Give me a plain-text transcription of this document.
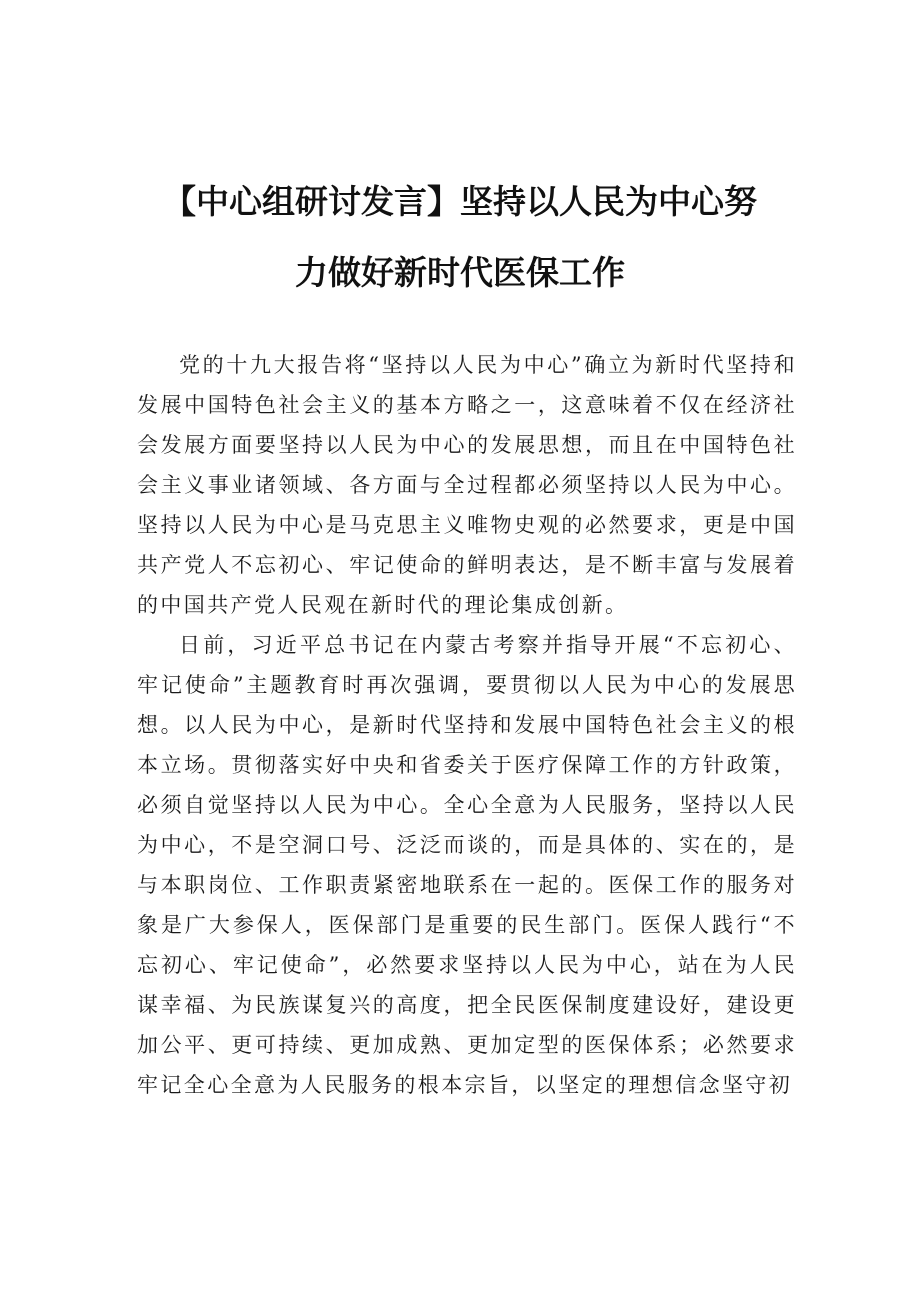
【中心组研讨发言】坚持以人民为中心努
力做好新时代医保工作

党的十九大报告将“坚持以人民为中心”确立为新时代坚持和发展中国特色社会主义的基本方略之一，这意味着不仅在经济社会发展方面要坚持以人民为中心的发展思想，而且在中国特色社会主义事业诸领域、各方面与全过程都必须坚持以人民为中心。坚持以人民为中心是马克思主义唯物史观的必然要求，更是中国共产党人不忘初心、牢记使命的鲜明表达，是不断丰富与发展着的中国共产党人民观在新时代的理论集成创新。

日前，习近平总书记在内蒙古考察并指导开展“不忘初心、牢记使命”主题教育时再次强调，要贯彻以人民为中心的发展思想。以人民为中心，是新时代坚持和发展中国特色社会主义的根本立场。贯彻落实好中央和省委关于医疗保障工作的方针政策，必须自觉坚持以人民为中心。全心全意为人民服务，坚持以人民为中心，不是空洞口号、泛泛而谈的，而是具体的、实在的，是与本职岗位、工作职责紧密地联系在一起的。医保工作的服务对象是广大参保人，医保部门是重要的民生部门。医保人践行“不忘初心、牢记使命”，必然要求坚持以人民为中心，站在为人民谋幸福、为民族谋复兴的高度，把全民医保制度建设好，建设更加公平、更可持续、更加成熟、更加定型的医保体系；必然要求牢记全心全意为人民服务的根本宗旨，以坚定的理想信念坚守初
